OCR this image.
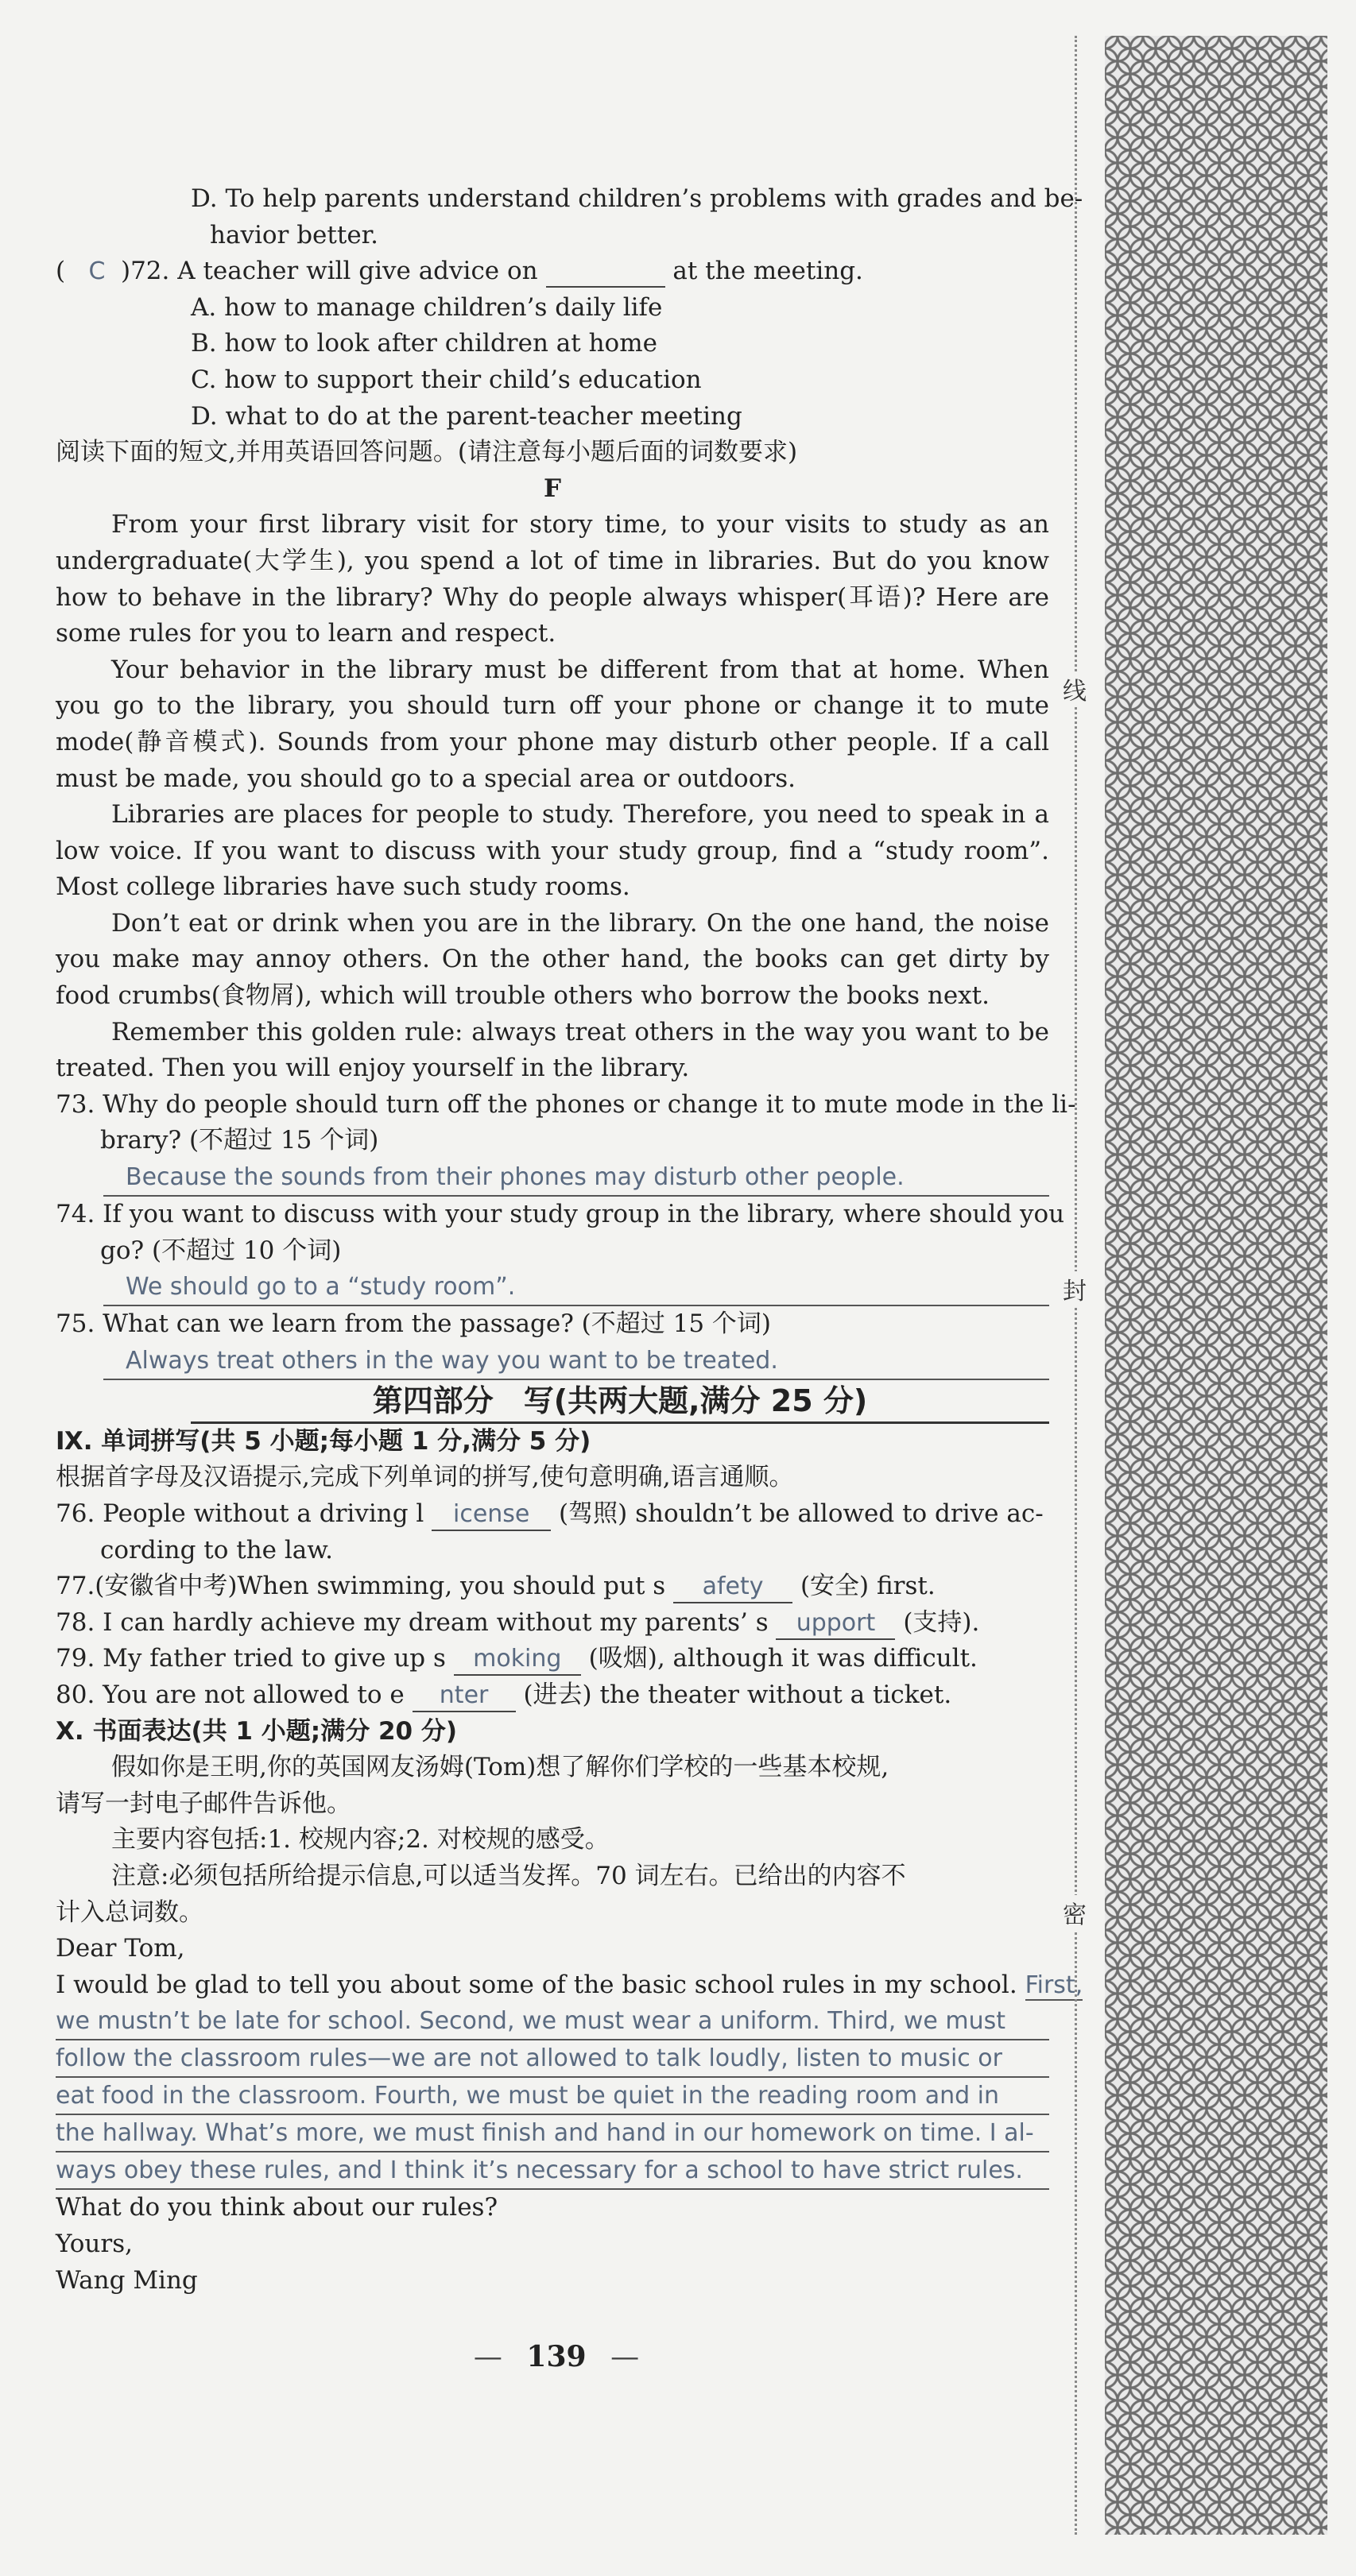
D. To help parents understand children’s problems with grades and be-
havior better.
( C )72. A teacher will give advice on	at the meeting.
A. how to manage children’s daily life
B. how to look after children at home
C. how to support their child’s education
D. what to do at the parent-teacher meeting
阅读下面的短文,并用英语回答问题。(请注意每小题后面的词数要求)
F

From your first library visit for story time, to your visits to study as an undergraduate(大学生), you spend a lot of time in libraries. But do you know how to behave in the library? Why do people always whisper(耳语)? Here are some rules for you to learn and respect.

Your behavior in the library must be different from that at home. When you go to the library, you should turn off your phone or change it to mute mode(静音模式). Sounds from your phone may disturb other people. If a call must be made, you should go to a special area or outdoors.

Libraries are places for people to study. Therefore, you need to speak in a low voice. If you want to discuss with your study group, find a “study room”. Most college libraries have such study rooms.

Don’t eat or drink when you are in the library. On the one hand, the noise you make may annoy others. On the other hand, the books can get dirty by food crumbs(食物屑), which will trouble others who borrow the books next.

Remember this golden rule: always treat others in the way you want to be treated. Then you will enjoy yourself in the library.

73. Why do people should turn off the phones or change it to mute mode in the li-
brary? (不超过 15 个词)
Because the sounds from their phones may disturb other people.
74. If you want to discuss with your study group in the library, where should you
go? (不超过 10 个词)
We should go to a “study room”.
75. What can we learn from the passage? (不超过 15 个词)
Always treat others in the way you want to be treated.
第四部分　写(共两大题,满分 25 分)
Ⅸ. 单词拼写(共 5 小题;每小题 1 分,满分 5 分)
根据首字母及汉语提示,完成下列单词的拼写,使句意明确,语言通顺。
76. People without a driving l icense (驾照) shouldn’t be allowed to drive ac-
cording to the law.
77.(安徽省中考)When swimming, you should put s afety (安全) first.
78. I can hardly achieve my dream without my parents’ s upport (支持).
79. My father tried to give up s moking (吸烟), although it was difficult.
80. You are not allowed to e nter (进去) the theater without a ticket.
Ⅹ. 书面表达(共 1 小题;满分 20 分)
假如你是王明,你的英国网友汤姆(Tom)想了解你们学校的一些基本校规,
请写一封电子邮件告诉他。
主要内容包括:1. 校规内容;2. 对校规的感受。
注意:必须包括所给提示信息,可以适当发挥。70 词左右。已给出的内容不
计入总词数。
Dear Tom,
I would be glad to tell you about some of the basic school rules in my school. First,
we mustn’t be late for school. Second, we must wear a uniform. Third, we must
follow the classroom rules—we are not allowed to talk loudly, listen to music or
eat food in the classroom. Fourth, we must be quiet in the reading room and in
the hallway. What’s more, we must finish and hand in our homework on time. I al-
ways obey these rules, and I think it’s necessary for a school to have strict rules.
What do you think about our rules?
Yours,
Wang Ming
— 139 —
线
封
密
